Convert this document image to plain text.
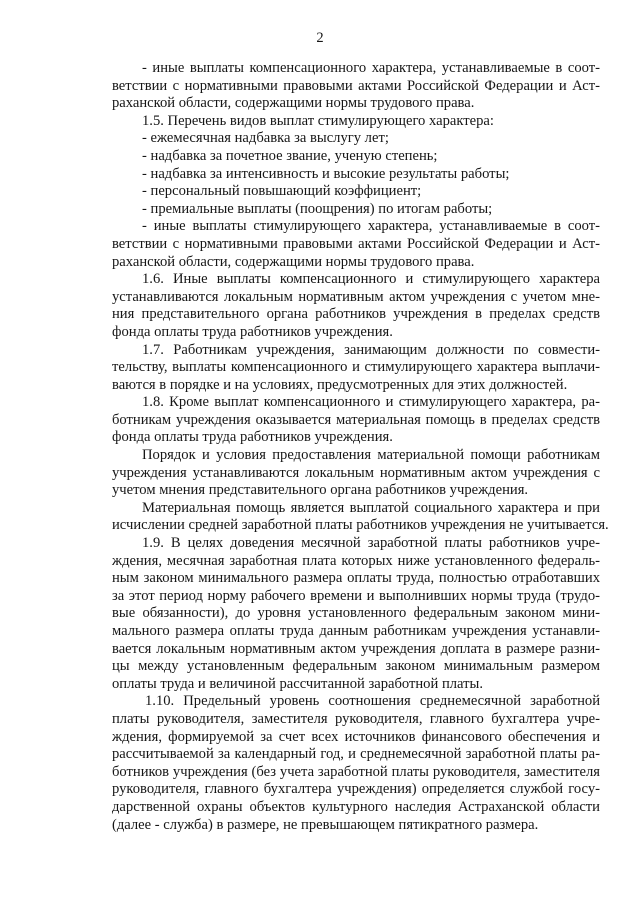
2
- иные выплаты компенсационного характера, устанавливаемые в соот-
ветствии с нормативными правовыми актами Российской Федерации и Аст-
раханской области, содержащими нормы трудового права.
1.5. Перечень видов выплат стимулирующего характера:
- ежемесячная надбавка за выслугу лет;
- надбавка за почетное звание, ученую степень;
- надбавка за интенсивность и высокие результаты работы;
- персональный повышающий коэффициент;
- премиальные выплаты (поощрения) по итогам работы;
- иные выплаты стимулирующего характера, устанавливаемые в соот-
ветствии с нормативными правовыми актами Российской Федерации и Аст-
раханской области, содержащими нормы трудового права.
1.6. Иные выплаты компенсационного и стимулирующего характера
устанавливаются локальным нормативным актом учреждения с учетом мне-
ния представительного органа работников учреждения в пределах средств
фонда оплаты труда работников учреждения.
1.7. Работникам учреждения, занимающим должности по совмести-
тельству, выплаты компенсационного и стимулирующего характера выплачи-
ваются в порядке и на условиях, предусмотренных для этих должностей.
1.8. Кроме выплат компенсационного и стимулирующего характера, ра-
ботникам учреждения оказывается материальная помощь в пределах средств
фонда оплаты труда работников учреждения.
Порядок и условия предоставления материальной помощи работникам
учреждения устанавливаются локальным нормативным актом учреждения с
учетом мнения представительного органа работников учреждения.
Материальная помощь является выплатой социального характера и при
исчислении средней заработной платы работников учреждения не учитывается.
1.9. В целях доведения месячной заработной платы работников учре-
ждения, месячная заработная плата которых ниже установленного федераль-
ным законом минимального размера оплаты труда, полностью отработавших
за этот период норму рабочего времени и выполнивших нормы труда (трудо-
вые обязанности), до уровня установленного федеральным законом мини-
мального размера оплаты труда данным работникам учреждения устанавли-
вается локальным нормативным актом учреждения доплата в размере разни-
цы между установленным федеральным законом минимальным размером
оплаты труда и величиной рассчитанной заработной платы.
1.10. Предельный уровень соотношения среднемесячной заработной
платы руководителя, заместителя руководителя, главного бухгалтера учре-
ждения, формируемой за счет всех источников финансового обеспечения и
рассчитываемой за календарный год, и среднемесячной заработной платы ра-
ботников учреждения (без учета заработной платы руководителя, заместителя
руководителя, главного бухгалтера учреждения) определяется службой госу-
дарственной охраны объектов культурного наследия Астраханской области
(далее - служба) в размере, не превышающем пятикратного размера.
